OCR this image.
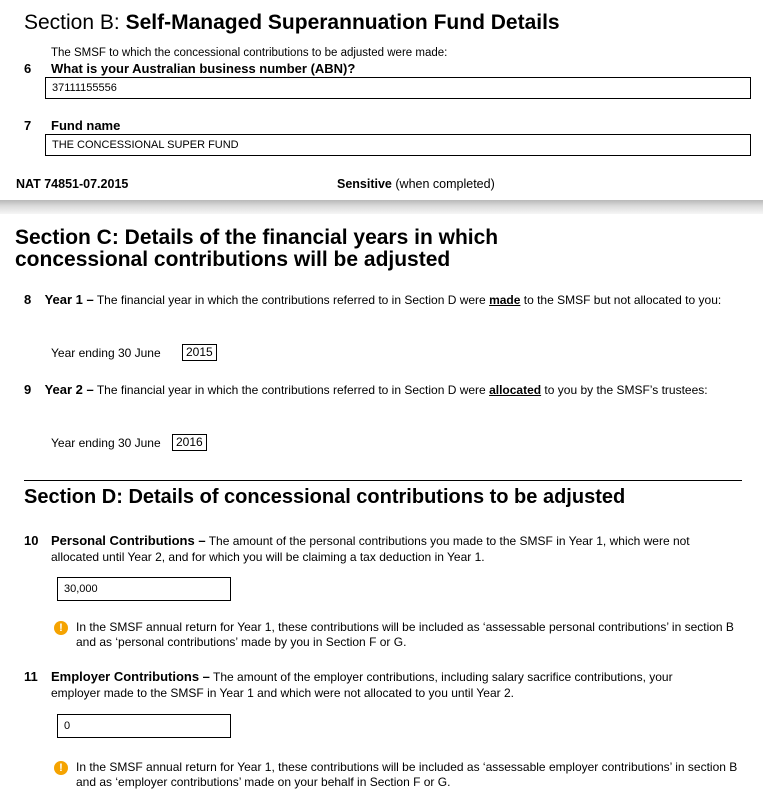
Section B: Self-Managed Superannuation Fund Details
The SMSF to which the concessional contributions to be adjusted were made:
6 What is your Australian business number (ABN)?
37111155556
7 Fund name
THE CONCESSIONAL SUPER FUND
NAT 74851-07.2015	Sensitive (when completed)
Section C: Details of the financial years in which concessional contributions will be adjusted
8 Year 1 – The financial year in which the contributions referred to in Section D were made to the SMSF but not allocated to you:
Year ending 30 June	2015
9 Year 2 – The financial year in which the contributions referred to in Section D were allocated to you by the SMSF’s trustees:
Year ending 30 June	2016
Section D: Details of concessional contributions to be adjusted
10 Personal Contributions – The amount of the personal contributions you made to the SMSF in Year 1, which were not allocated until Year 2, and for which you will be claiming a tax deduction in Year 1.
30,000
!	In the SMSF annual return for Year 1, these contributions will be included as ‘assessable personal contributions’ in section B and as ‘personal contributions’ made by you in Section F or G.
11 Employer Contributions – The amount of the employer contributions, including salary sacrifice contributions, your employer made to the SMSF in Year 1 and which were not allocated to you until Year 2.
0
!	In the SMSF annual return for Year 1, these contributions will be included as ‘assessable employer contributions’ in section B and as ‘employer contributions’ made on your behalf in Section F or G.
